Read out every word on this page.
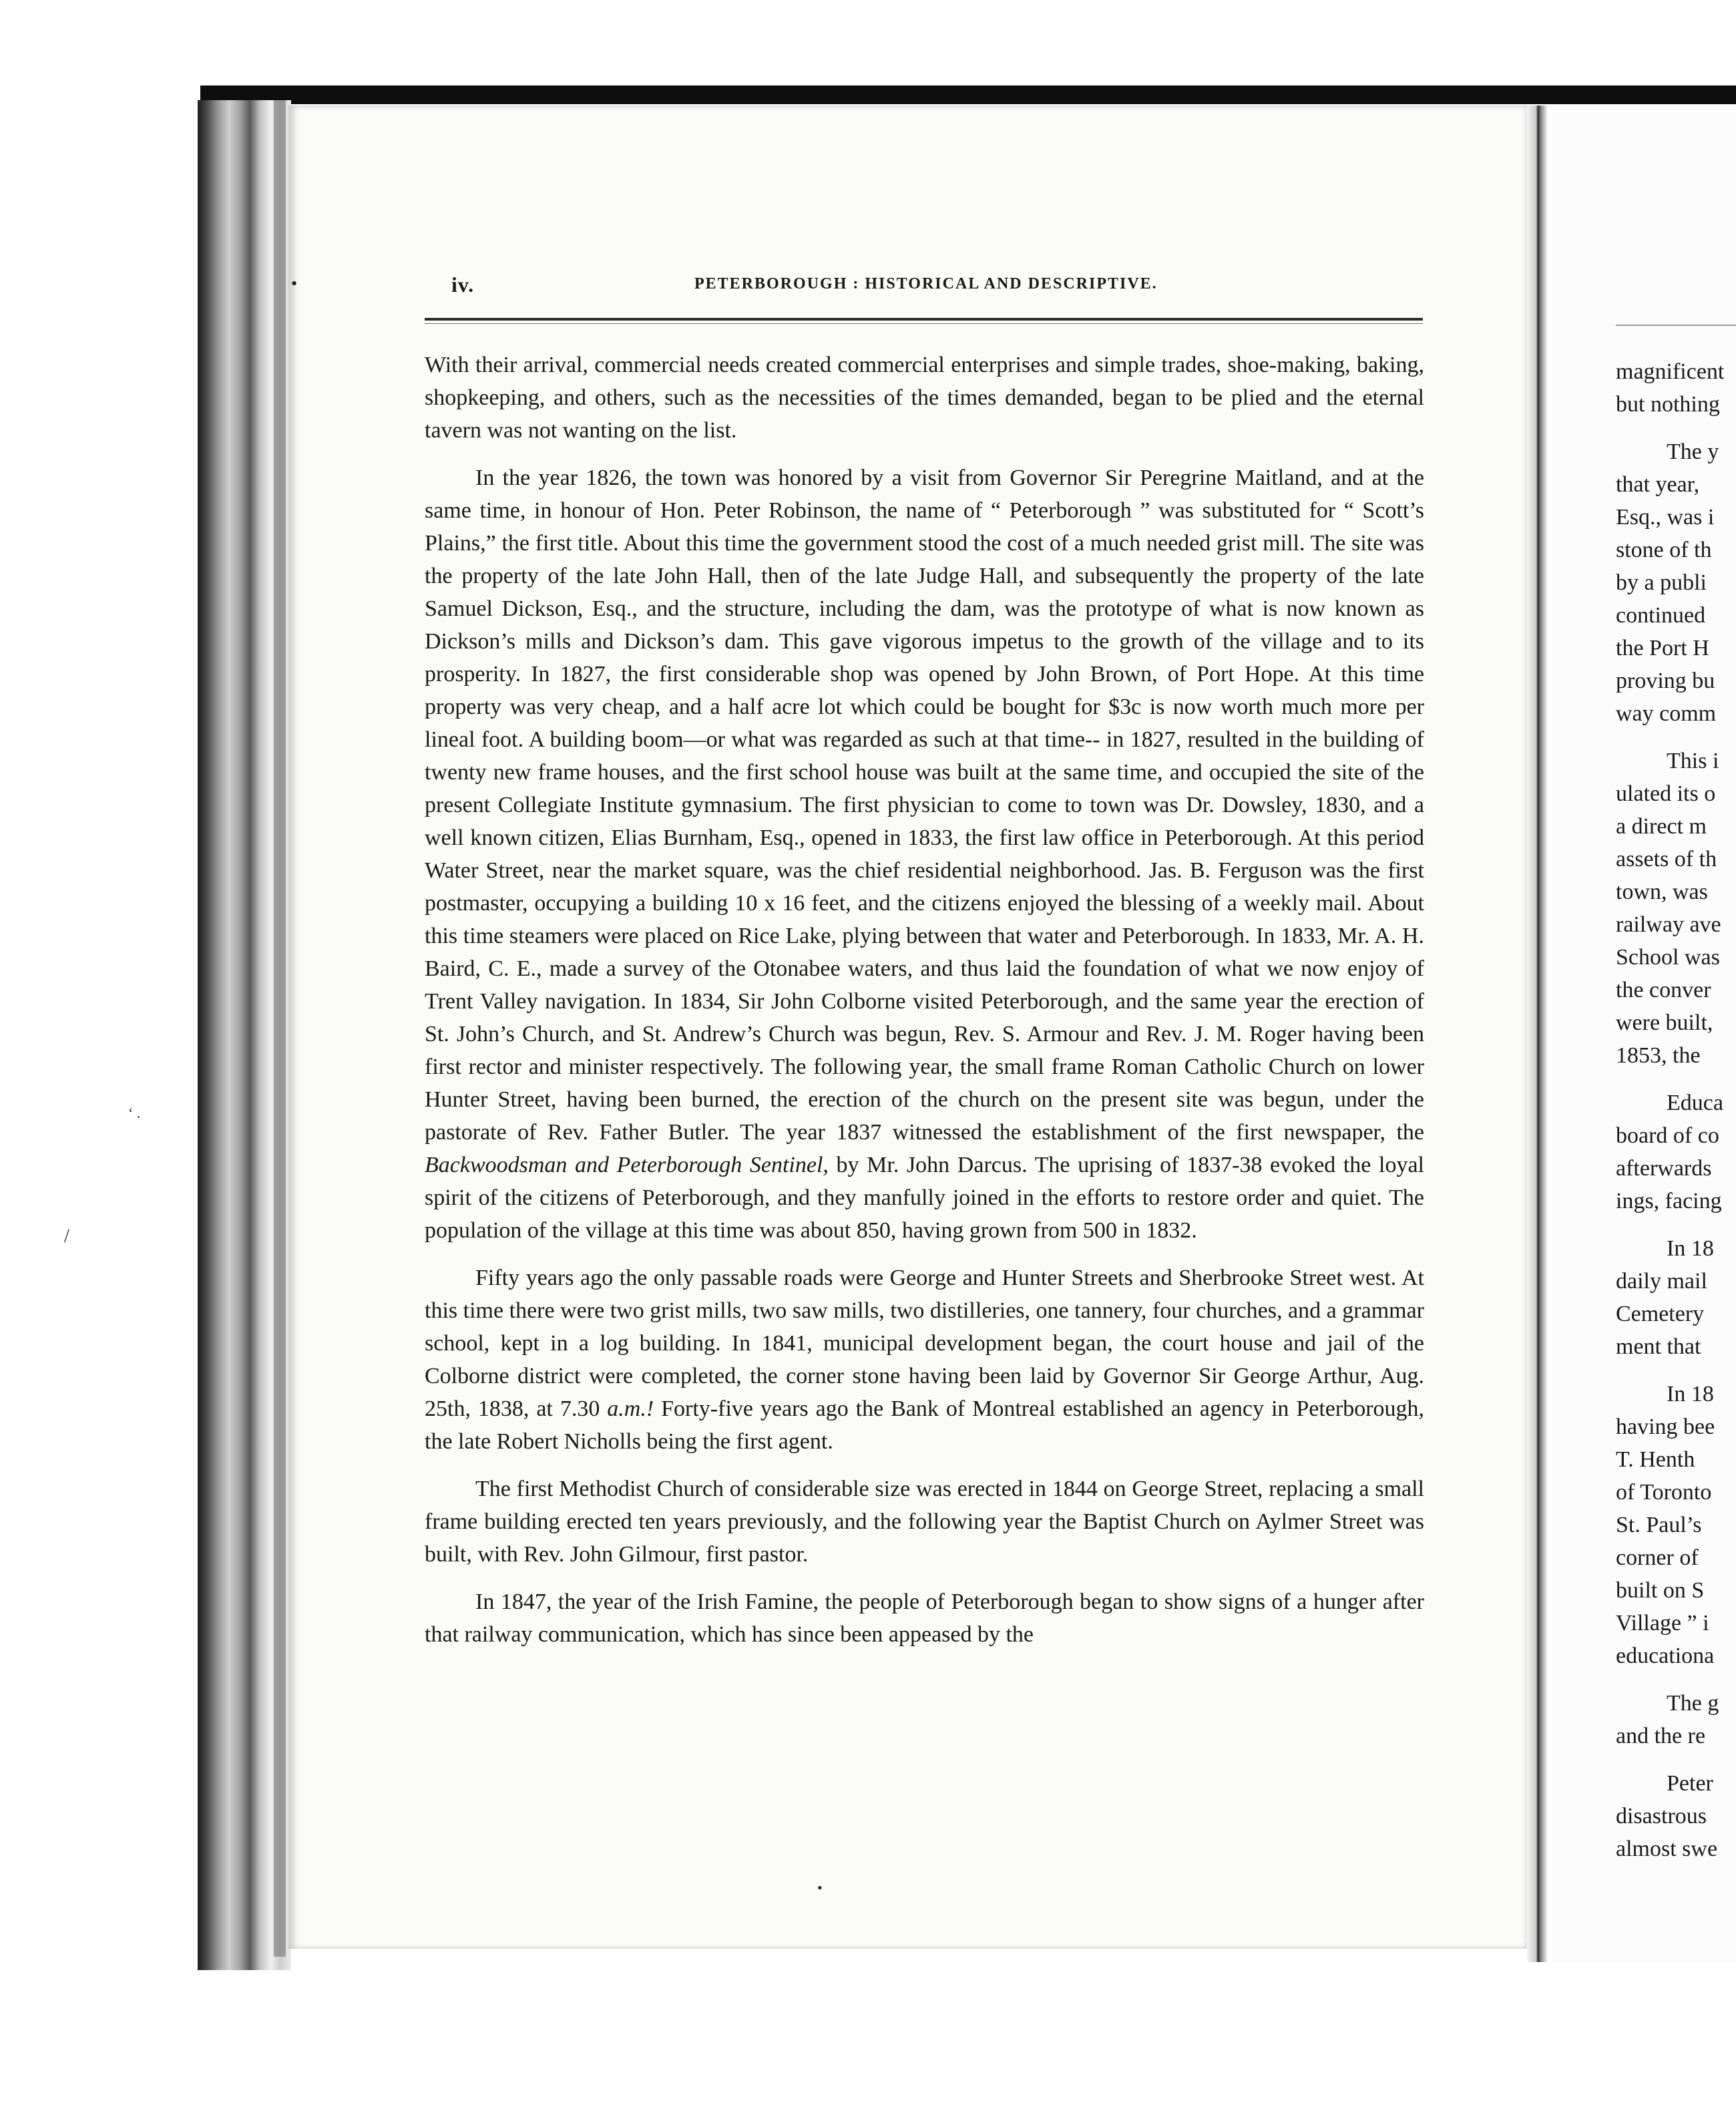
•
‘ .
/
•
iv.	PETERBOROUGH : HISTORICAL AND DESCRIPTIVE.

With their arrival, commercial needs created commercial enterprises and simple trades, shoe-making, baking, shopkeeping, and others, such as the necessities of the times demanded, began to be plied and the eternal tavern was not wanting on the list.

In the year 1826, the town was honored by a visit from Governor Sir Peregrine Maitland, and at the same time, in honour of Hon. Peter Robinson, the name of “ Peterborough ” was substituted for “ Scott’s Plains,” the first title. About this time the government stood the cost of a much needed grist mill. The site was the property of the late John Hall, then of the late Judge Hall, and subsequently the property of the late Samuel Dickson, Esq., and the structure, including the dam, was the prototype of what is now known as Dickson’s mills and Dickson’s dam. This gave vigorous impetus to the growth of the village and to its prosperity. In 1827, the first considerable shop was opened by John Brown, of Port Hope. At this time property was very cheap, and a half acre lot which could be bought for $3c is now worth much more per lineal foot. A building boom—or what was regarded as such at that time-- in 1827, resulted in the building of twenty new frame houses, and the first school house was built at the same time, and occupied the site of the present Collegiate Institute gymnasium. The first physician to come to town was Dr. Dowsley, 1830, and a well known citizen, Elias Burnham, Esq., opened in 1833, the first law office in Peterborough. At this period Water Street, near the market square, was the chief residential neighborhood. Jas. B. Ferguson was the first postmaster, occupying a building 10 x 16 feet, and the citizens enjoyed the blessing of a weekly mail. About this time steamers were placed on Rice Lake, plying between that water and Peterborough. In 1833, Mr. A. H. Baird, C. E., made a survey of the Otonabee waters, and thus laid the foundation of what we now enjoy of Trent Valley navigation. In 1834, Sir John Colborne visited Peterborough, and the same year the erection of St. John’s Church, and St. Andrew’s Church was begun, Rev. S. Armour and Rev. J. M. Roger having been first rector and minister respectively. The following year, the small frame Roman Catholic Church on lower Hunter Street, having been burned, the erection of the church on the present site was begun, under the pastorate of Rev. Father Butler. The year 1837 witnessed the establishment of the first newspaper, the Backwoodsman and Peterborough Sentinel, by Mr. John Darcus. The uprising of 1837-38 evoked the loyal spirit of the citizens of Peterborough, and they manfully joined in the efforts to restore order and quiet. The population of the village at this time was about 850, having grown from 500 in 1832.

Fifty years ago the only passable roads were George and Hunter Streets and Sherbrooke Street west. At this time there were two grist mills, two saw mills, two distilleries, one tannery, four churches, and a grammar school, kept in a log building. In 1841, municipal development began, the court house and jail of the Colborne district were completed, the corner stone having been laid by Governor Sir George Arthur, Aug. 25th, 1838, at 7.30 a.m.! Forty-five years ago the Bank of Montreal established an agency in Peterborough, the late Robert Nicholls being the first agent.

The first Methodist Church of considerable size was erected in 1844 on George Street, replacing a small frame building erected ten years previously, and the following year the Baptist Church on Aylmer Street was built, with Rev. John Gilmour, first pastor.

In 1847, the year of the Irish Famine, the people of Peterborough began to show signs of a hunger after that railway communication, which has since been appeased by the

magnificent
but nothing
The y
that year,
Esq., was i
stone of th
by a publi
continued
the Port H
proving bu
way comm
This i
ulated its o
a direct m
assets of th
town, was
railway ave
School was
the conver
were built,
1853, the
Educa
board of co
afterwards
ings, facing
In 18
daily mail
Cemetery
ment that
In 18
having bee
T. Henth
of Toronto
St. Paul’s
corner of
built on S
Village ” i
educationa
The g
and the re
Peter
disastrous
almost swe
